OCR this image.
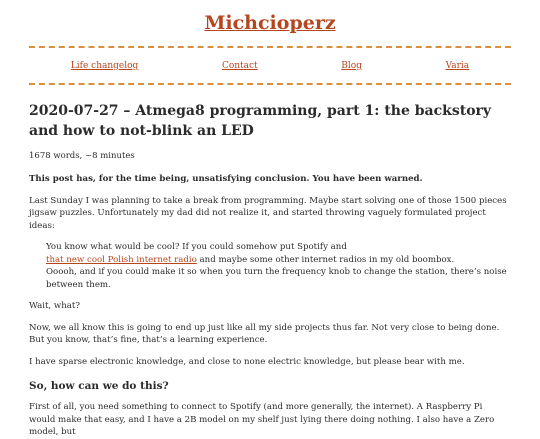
Michcioperz
Life changelog	Contact	Blog	Varia
2020-07-27 – Atmega8 programming, part 1: the backstory and how to not-blink an LED
1678 words, ~8 minutes

This post has, for the time being, unsatisfying conclusion. You have been warned.

Last Sunday I was planning to take a break from programming. Maybe start solving one of those 1500 pieces jigsaw puzzles. Unfortunately my dad did not realize it, and started throwing vaguely formulated project ideas:

You know what would be cool? If you could somehow put Spotify and
that new cool Polish internet radio and maybe some other internet radios in my old boombox.
Ooooh, and if you could make it so when you turn the frequency knob to change the station, there’s noise between them.

Wait, what?

Now, we all know this is going to end up just like all my side projects thus far. Not very close to being done. But you know, that’s fine, that’s a learning experience.

I have sparse electronic knowledge, and close to none electric knowledge, but please bear with me.

So, how can we do this?

First of all, you need something to connect to Spotify (and more generally, the internet). A Raspberry Pi would make that easy, and I have a 2B model on my shelf just lying there doing nothing. I also have a Zero model, but
